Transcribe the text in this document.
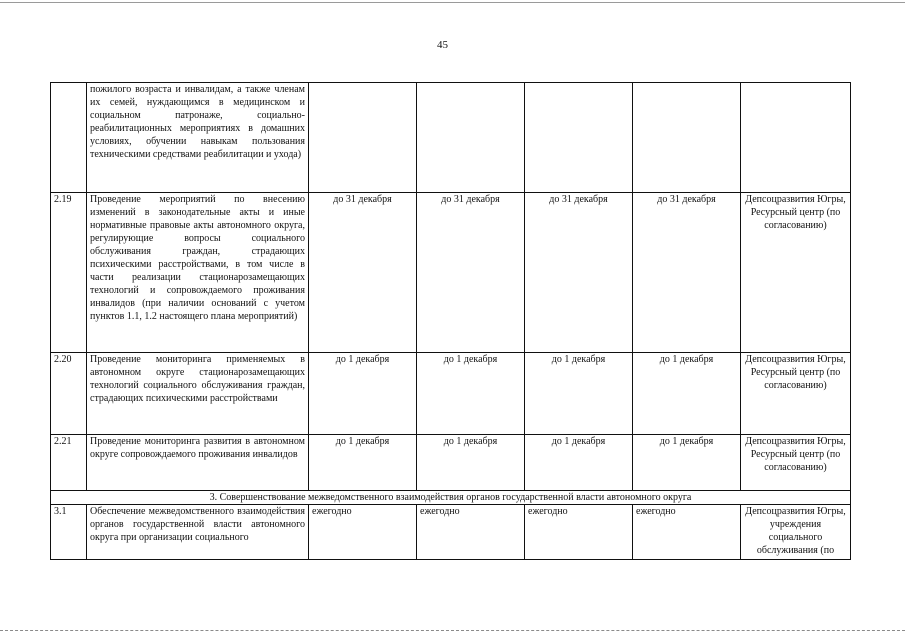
45
	пожилого возраста и инвалидам, а также членам их семей, нуждающимся в медицинском и социальном патронаже, социально-реабилитационных мероприятиях в домашних условиях, обучении навыкам пользования техническими средствами реабилитации и ухода)					
2.19	Проведение мероприятий по внесению изменений в законодательные акты и иные нормативные правовые акты автономного округа, регулирующие вопросы социального обслуживания граждан, страдающих психическими расстройствами, в том числе в части реализации стационарозамещающих технологий и сопровождаемого проживания инвалидов (при наличии оснований с учетом пунктов 1.1, 1.2 настоящего плана мероприятий)	до 31 декабря	до 31 декабря	до 31 декабря	до 31 декабря	Депсоцразвития Югры, Ресурсный центр (по согласованию)
2.20	Проведение мониторинга применяемых в автономном округе стационарозамещающих технологий социального обслуживания граждан, страдающих психическими расстройствами	до 1 декабря	до 1 декабря	до 1 декабря	до 1 декабря	Депсоцразвития Югры, Ресурсный центр (по согласованию)
2.21	Проведение мониторинга развития в автономном округе сопровождаемого проживания инвалидов	до 1 декабря	до 1 декабря	до 1 декабря	до 1 декабря	Депсоцразвития Югры, Ресурсный центр (по согласованию)
3. Совершенствование межведомственного взаимодействия органов государственной власти автономного округа						
3.1	Обеспечение межведомственного взаимодействия органов государственной власти автономного округа при организации социального	ежегодно	ежегодно	ежегодно	ежегодно	Депсоцразвития Югры, учреждения социального обслуживания (по
